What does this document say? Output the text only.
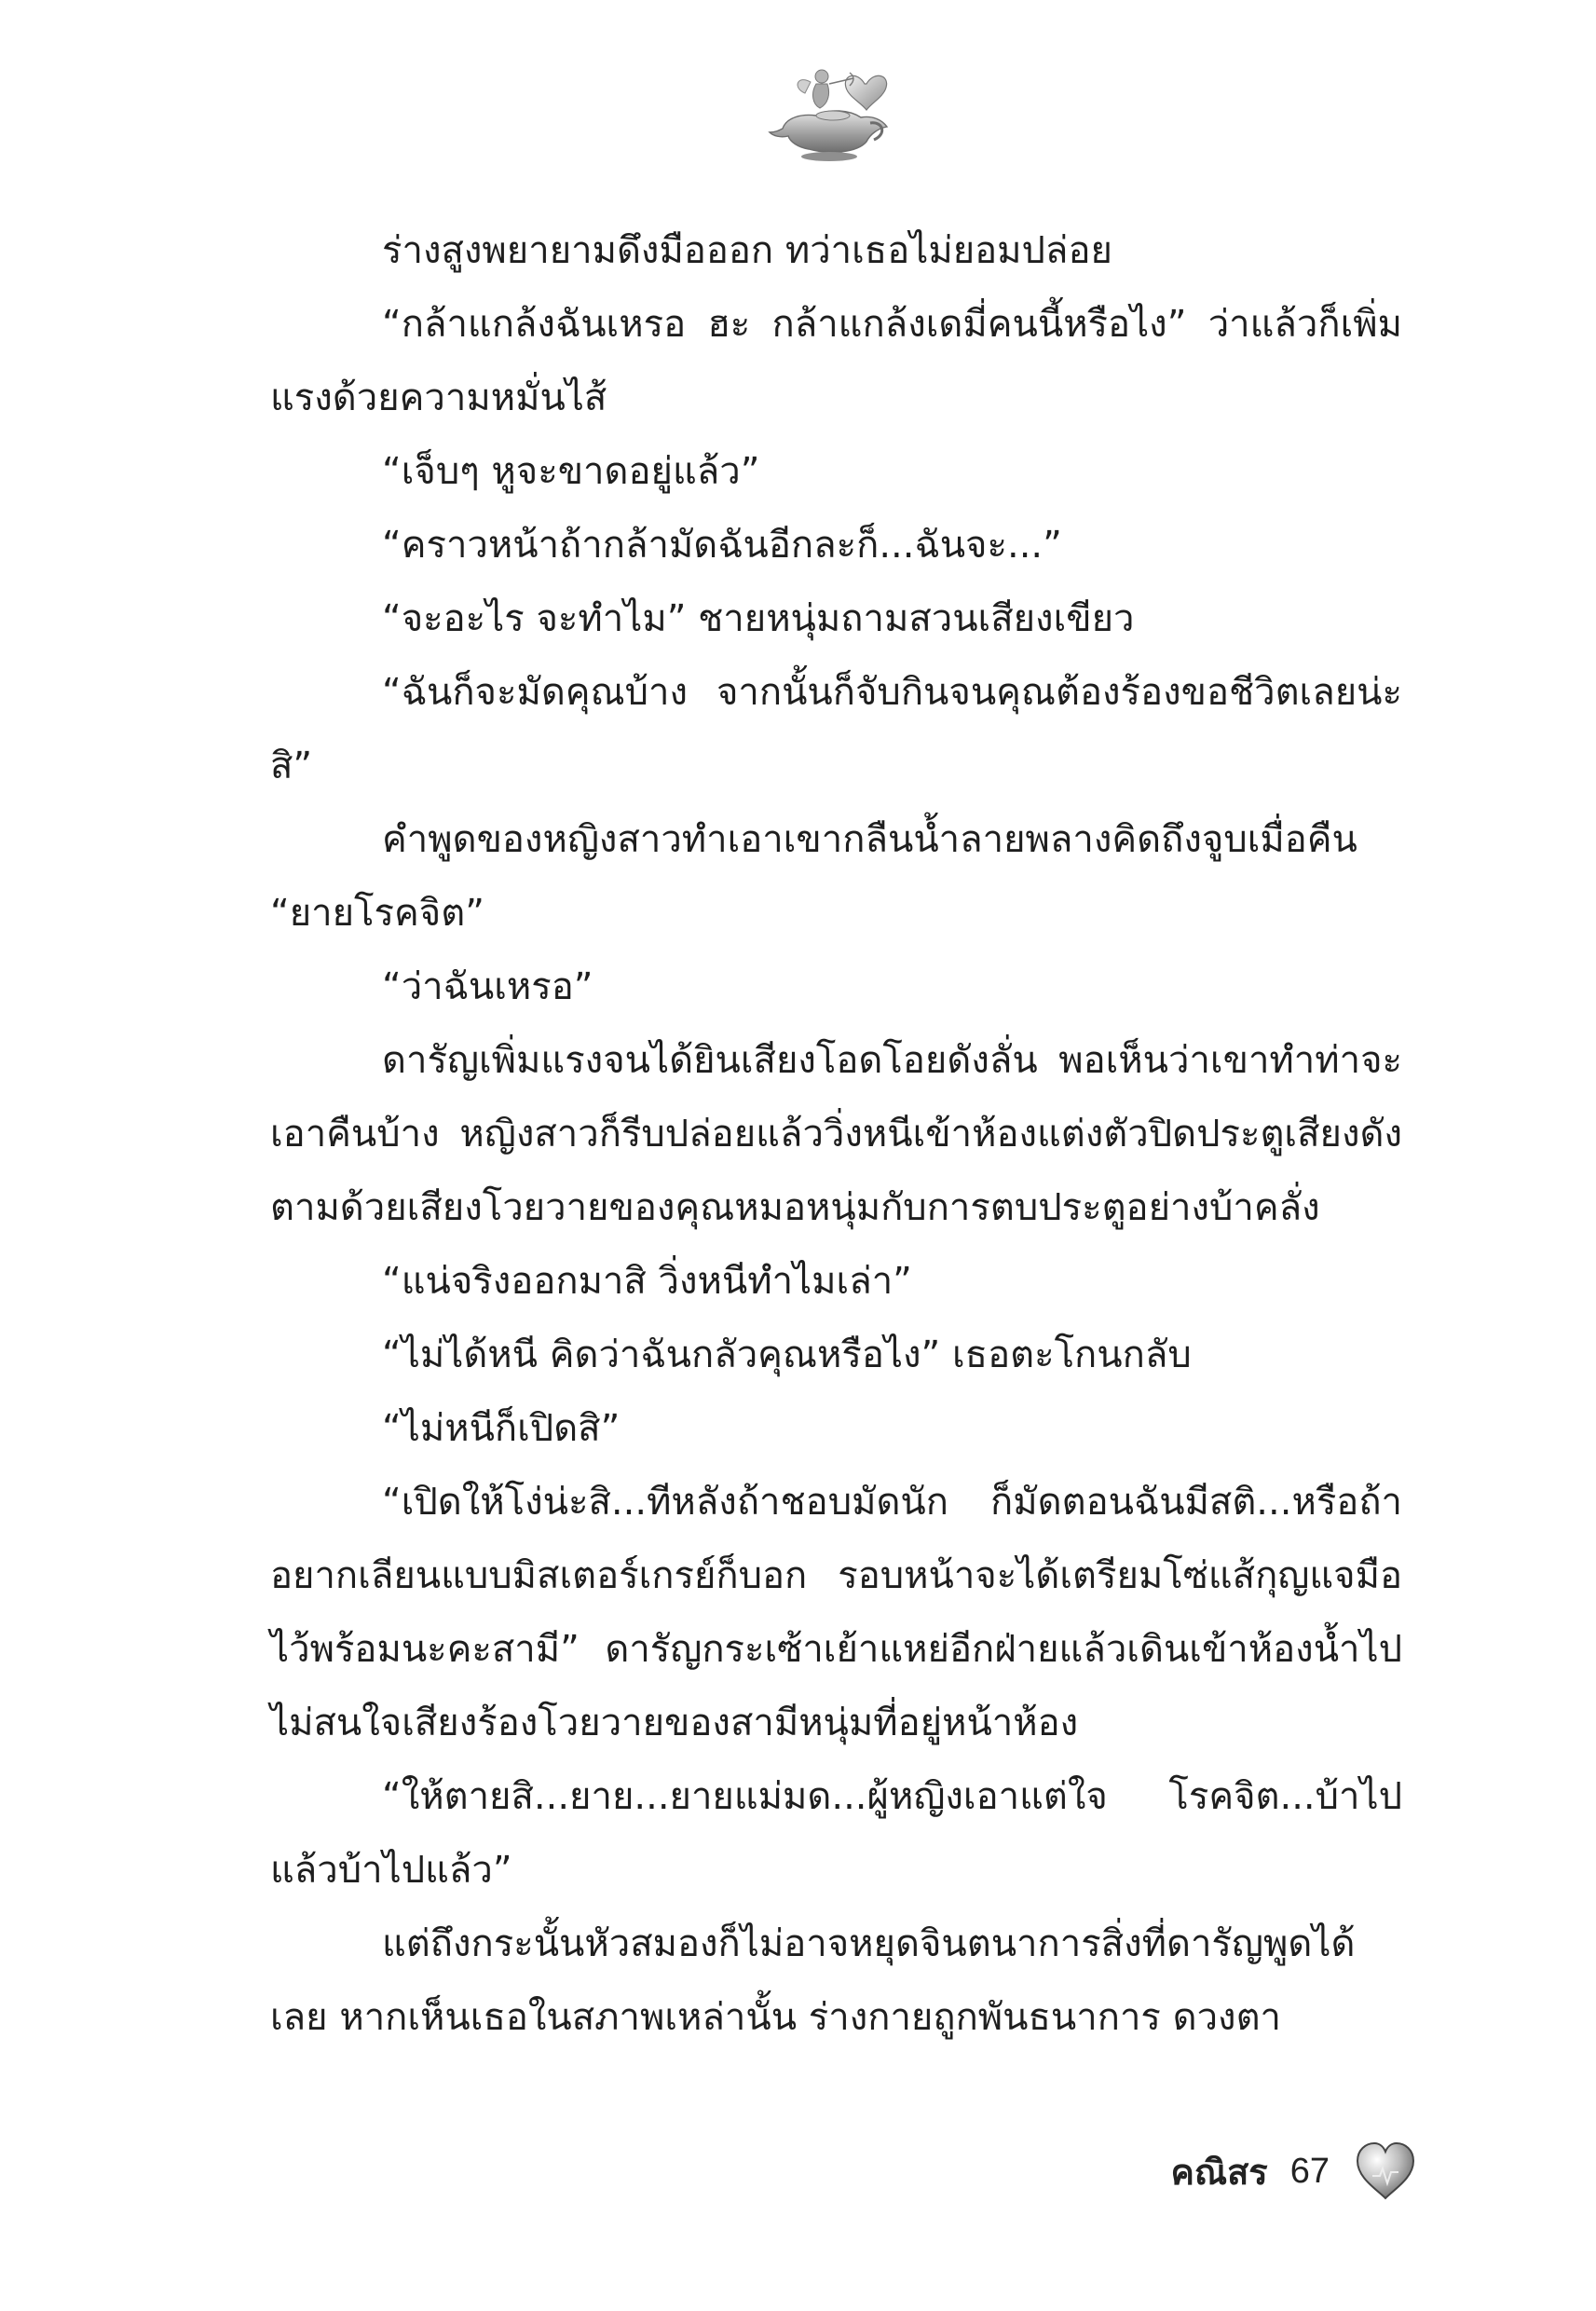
ร่างสูงพยายามดึงมือออก ทว่าเธอไม่ยอมปล่อย

“กล้าแกล้งฉันเหรอ ฮะ กล้าแกล้งเดมี่คนนี้หรือไง” ว่าแล้วก็เพิ่มแรงด้วยความหมั่นไส้

“เจ็บๆ หูจะขาดอยู่แล้ว”

“คราวหน้าถ้ากล้ามัดฉันอีกละก็...ฉันจะ...”

“จะอะไร จะทำไม” ชายหนุ่มถามสวนเสียงเขียว

“ฉันก็จะมัดคุณบ้าง จากนั้นก็จับกินจนคุณต้องร้องขอชีวิตเลยน่ะสิ”

คำพูดของหญิงสาวทำเอาเขากลืนน้ำลายพลางคิดถึงจูบเมื่อคืน “ยายโรคจิต”

“ว่าฉันเหรอ”

ดารัญเพิ่มแรงจนได้ยินเสียงโอดโอยดังลั่น พอเห็นว่าเขาทำท่าจะเอาคืนบ้าง หญิงสาวก็รีบปล่อยแล้ววิ่งหนีเข้าห้องแต่งตัวปิดประตูเสียงดัง ตามด้วยเสียงโวยวายของคุณหมอหนุ่มกับการตบประตูอย่างบ้าคลั่ง

“แน่จริงออกมาสิ วิ่งหนีทำไมเล่า”

“ไม่ได้หนี คิดว่าฉันกลัวคุณหรือไง” เธอตะโกนกลับ

“ไม่หนีก็เปิดสิ”

“เปิดให้โง่น่ะสิ...ทีหลังถ้าชอบมัดนัก ก็มัดตอนฉันมีสติ...หรือถ้าอยากเลียนแบบมิสเตอร์เกรย์ก็บอก รอบหน้าจะได้เตรียมโซ่แส้กุญแจมือไว้พร้อมนะคะสามี” ดารัญกระเซ้าเย้าแหย่อีกฝ่ายแล้วเดินเข้าห้องน้ำไป ไม่สนใจเสียงร้องโวยวายของสามีหนุ่มที่อยู่หน้าห้อง

“ให้ตายสิ...ยาย...ยายแม่มด...ผู้หญิงเอาแต่ใจ โรคจิต...บ้าไปแล้วบ้าไปแล้ว”

แต่ถึงกระนั้นหัวสมองก็ไม่อาจหยุดจินตนาการสิ่งที่ดารัญพูดได้เลย หากเห็นเธอในสภาพเหล่านั้น ร่างกายถูกพันธนาการ ดวงตา

คณิสร 67
